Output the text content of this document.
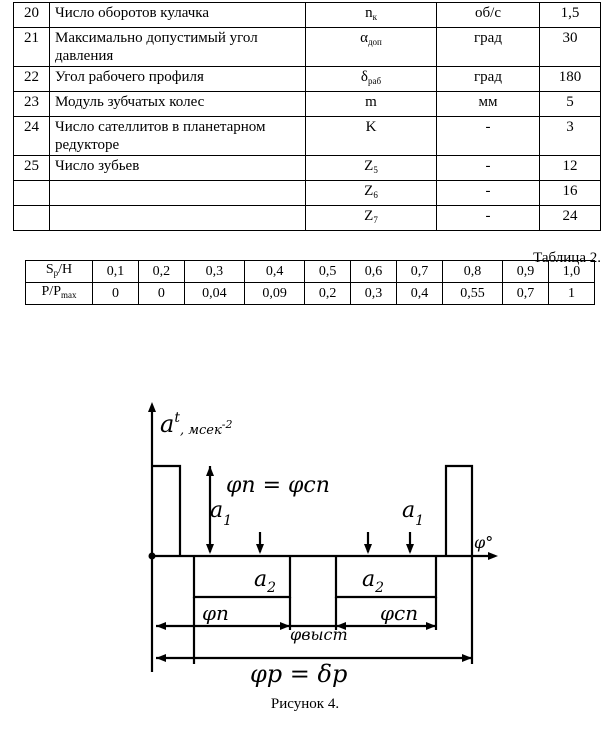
20	Число оборотов кулачка	$n_к$	об/с	1,5
21	Максимально допустимый угол давления	$\alpha_{доп}$	град	30
22	Угол рабочего профиля	$\delta_{раб}$	град	180
23	Модуль зубчатых колес	m	мм	5
24	Число сателлитов в планетарном редукторе	K	-	3
25	Число зубьев	$Z_5$	-	12
		$Z_6$	-	16
		$Z_7$	-	24
Таблица 2.
$S_p/H$	0,1	0,2	0,3	0,4	0,5	0,6	0,7	0,8	0,9	1,0
$P/P_{max}$	0	0	0,04	0,09	0,2	0,3	0,4	0,55	0,7	1
$a^t_{, мсек}^{-2}$
φп = φсп
$a_1$	$a_1$
$a_2$	$a_2$
φ°
φп
φвыст
φсп
φр = δр
Рисунок 4.
